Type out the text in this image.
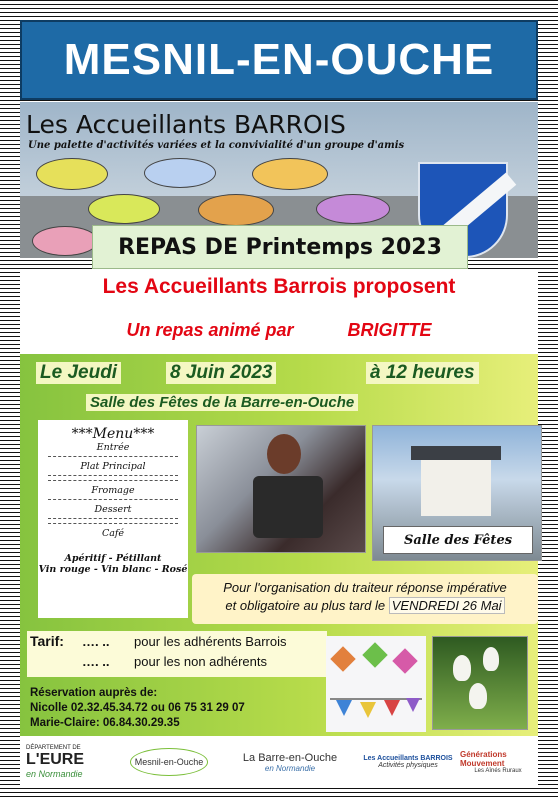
MESNIL-EN-OUCHE
Les Accueillants BARROIS
Une palette d'activités variées et la convivialité d'un groupe d'amis
REPAS DE Printemps 2023
Les Accueillants Barrois proposent
Un repas animé par	BRIGITTE
Le Jeudi	8 Juin 2023	à 12 heures
Salle des Fêtes de la Barre-en-Ouche
***Menu***
Entrée
Plat Principal
Fromage
Dessert
Café
Apéritif - Pétillant
Vin rouge - Vin blanc - Rosé
Salle des Fêtes
Pour l'organisation du traiteur réponse impérative
et obligatoire au plus tard le VENDREDI 26 Mai
Tarif: …. .. pour les adhérents Barrois
…. .. pour les non adhérents
Réservation auprès de:
Nicolle 02.32.45.34.72 ou 06 75 31 29 07
Marie-Claire: 06.84.30.29.35
DÉPARTEMENT DE
L'EURE
en Normandie
Mesnil-en-Ouche	La Barre-en-Ouche
en Normandie
Les Accueillants BARROIS
Activités physiques
Générations Mouvement
Les Aînés Ruraux
